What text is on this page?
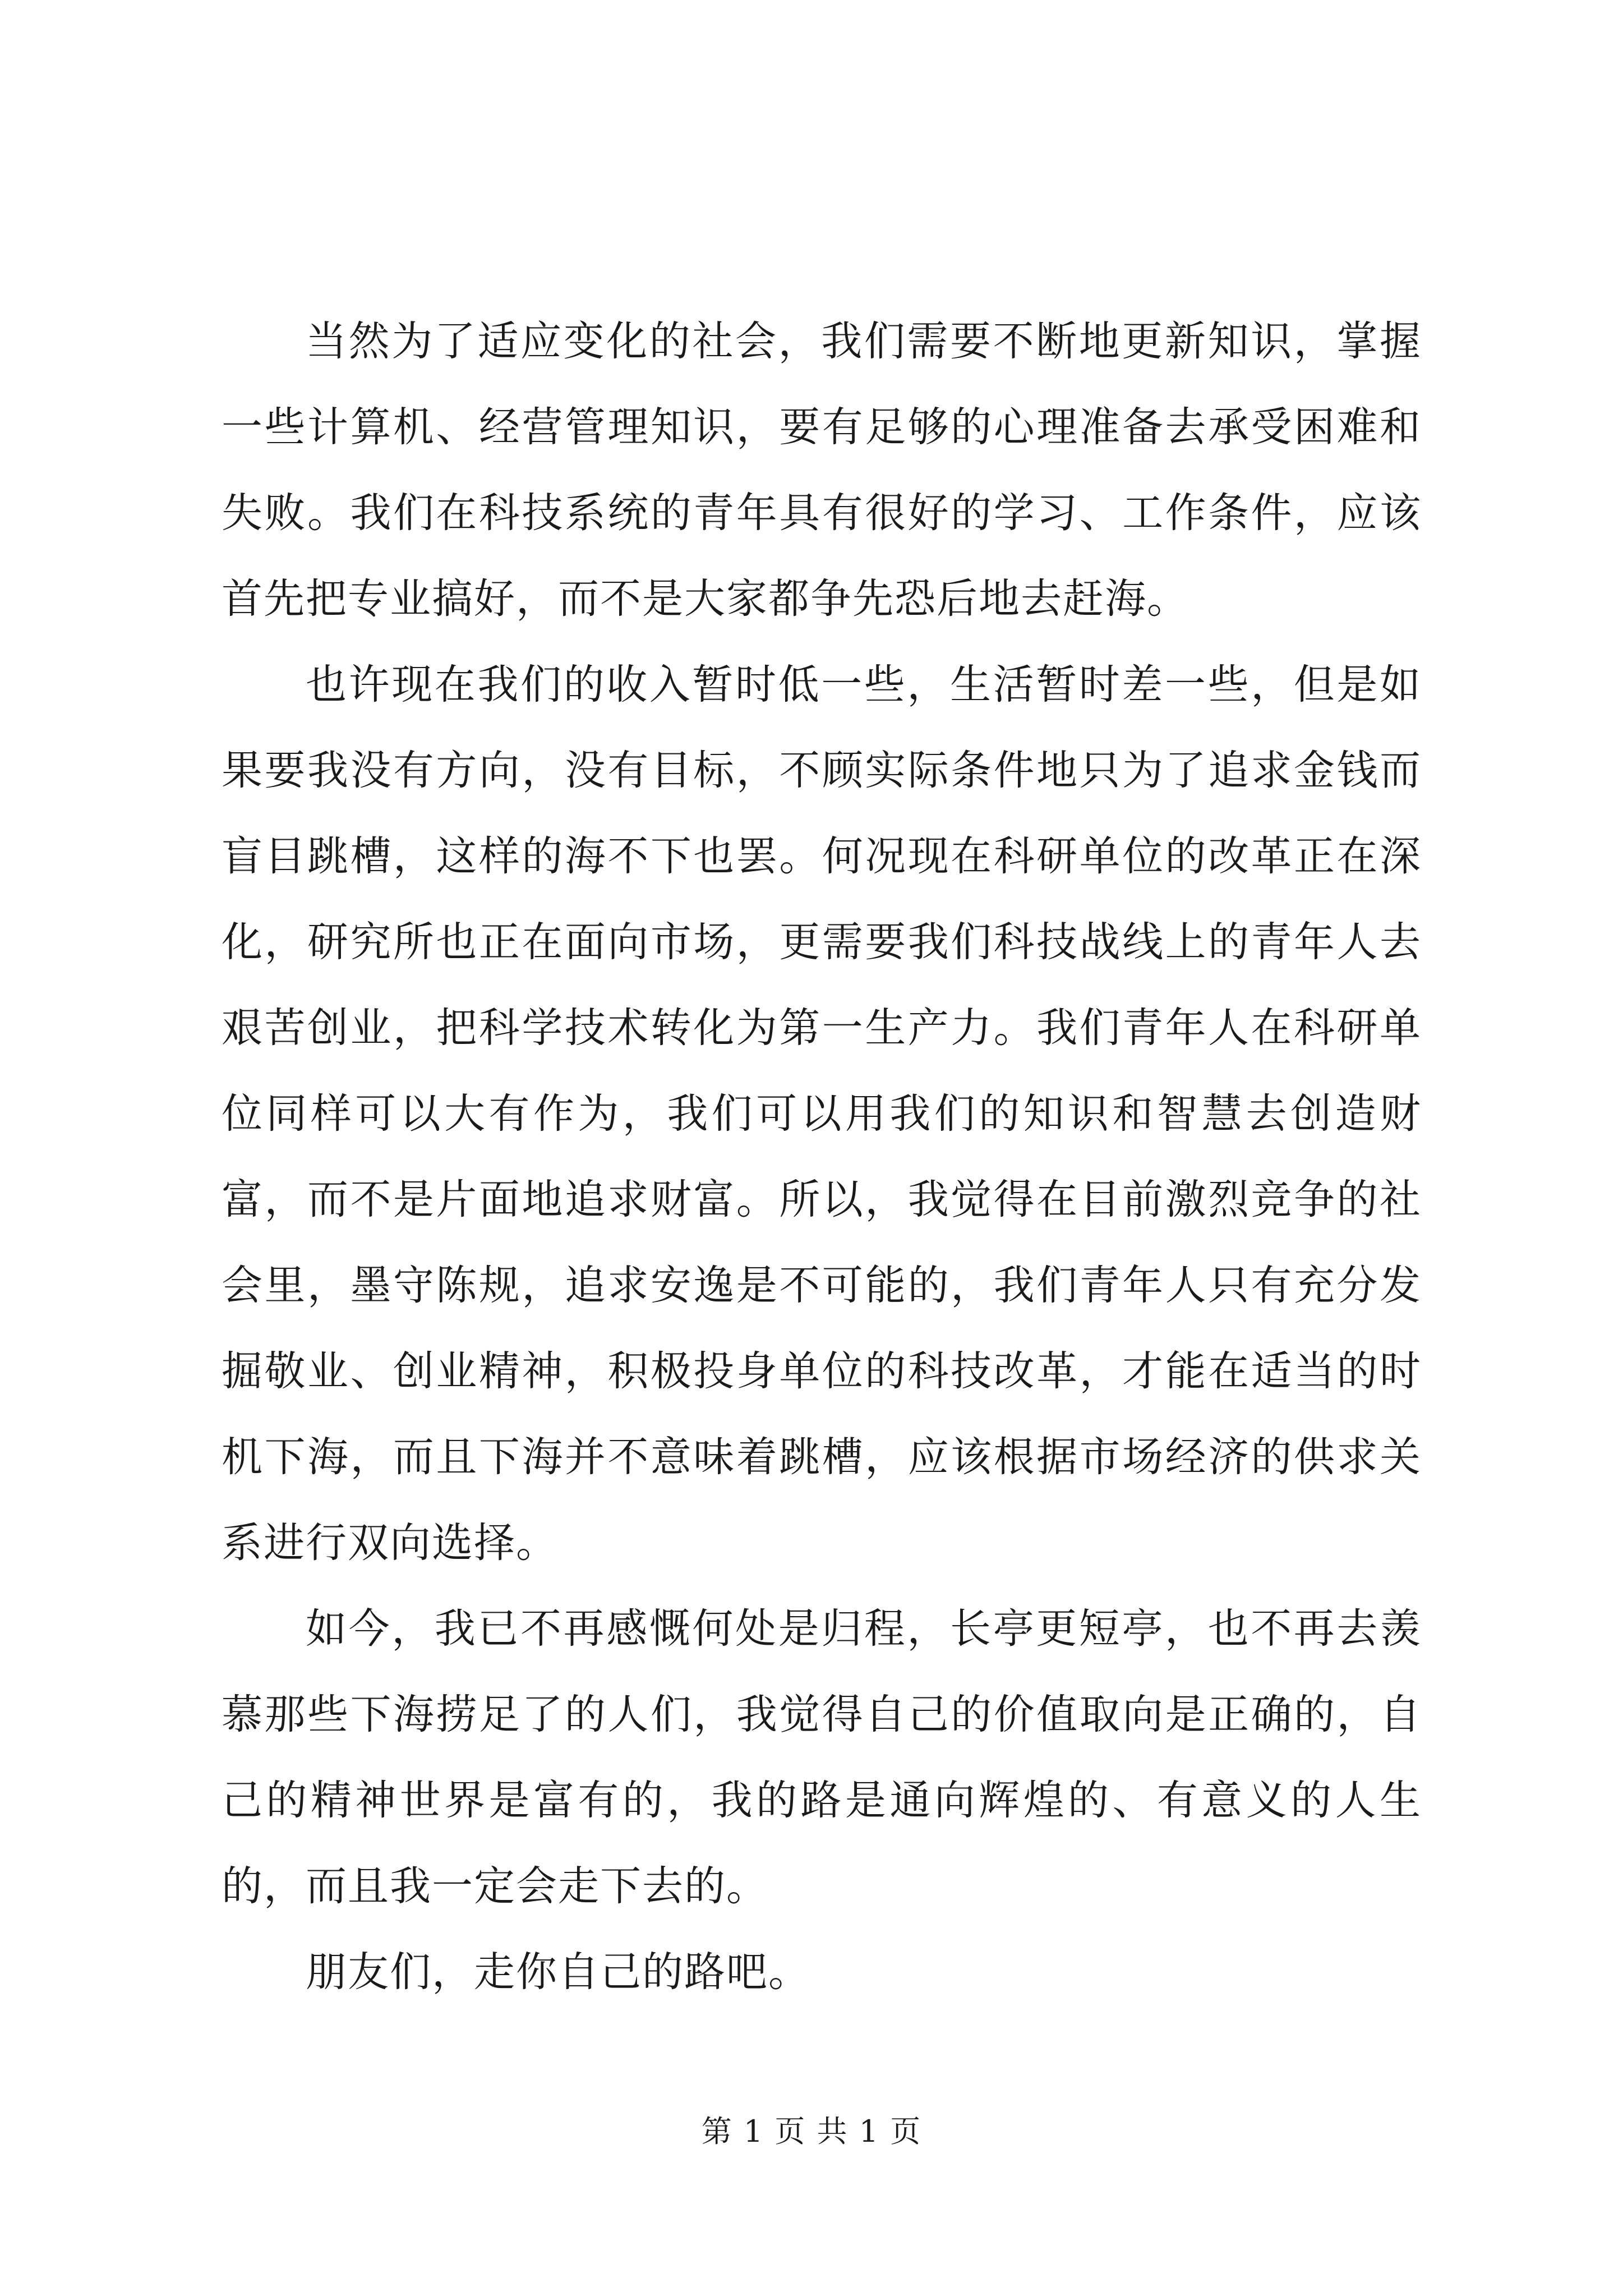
当然为了适应变化的社会，我们需要不断地更新知识，掌握一些计算机、经营管理知识，要有足够的心理准备去承受困难和失败。我们在科技系统的青年具有很好的学习、工作条件，应该首先把专业搞好，而不是大家都争先恐后地去赶海。

也许现在我们的收入暂时低一些，生活暂时差一些，但是如果要我没有方向，没有目标，不顾实际条件地只为了追求金钱而盲目跳槽，这样的海不下也罢。何况现在科研单位的改革正在深化，研究所也正在面向市场，更需要我们科技战线上的青年人去艰苦创业，把科学技术转化为第一生产力。我们青年人在科研单位同样可以大有作为，我们可以用我们的知识和智慧去创造财富，而不是片面地追求财富。所以，我觉得在目前激烈竞争的社会里，墨守陈规，追求安逸是不可能的，我们青年人只有充分发掘敬业、创业精神，积极投身单位的科技改革，才能在适当的时机下海，而且下海并不意味着跳槽，应该根据市场经济的供求关系进行双向选择。

如今，我已不再感慨何处是归程，长亭更短亭，也不再去羡慕那些下海捞足了的人们，我觉得自己的价值取向是正确的，自己的精神世界是富有的，我的路是通向辉煌的、有意义的人生的，而且我一定会走下去的。

朋友们，走你自己的路吧。

第 1 页 共 1 页
